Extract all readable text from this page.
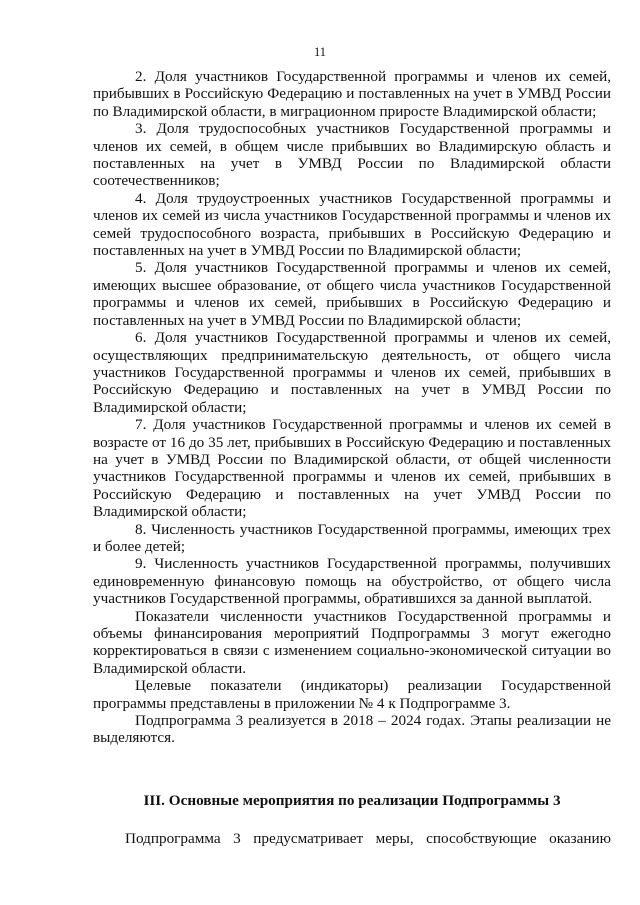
11

2. Доля участников Государственной программы и членов их семей, прибывших в Российскую Федерацию и поставленных на учет в УМВД России по Владимирской области, в миграционном приросте Владимирской области;

3. Доля трудоспособных участников Государственной программы и членов их семей, в общем числе прибывших во Владимирскую область и поставленных на учет в УМВД России по Владимирской области соотечественников;

4. Доля трудоустроенных участников Государственной программы и членов их семей из числа участников Государственной программы и членов их семей трудоспособного возраста, прибывших в Российскую Федерацию и поставленных на учет в УМВД России по Владимирской области;

5. Доля участников Государственной программы и членов их семей, имеющих высшее образование, от общего числа участников Государственной программы и членов их семей, прибывших в Российскую Федерацию и поставленных на учет в УМВД России по Владимирской области;

6. Доля участников Государственной программы и членов их семей, осуществляющих предпринимательскую деятельность, от общего числа участников Государственной программы и членов их семей, прибывших в Российскую Федерацию и поставленных на учет в УМВД России по Владимирской области;

7. Доля участников Государственной программы и членов их семей в возрасте от 16 до 35 лет, прибывших в Российскую Федерацию и поставленных на учет в УМВД России по Владимирской области, от общей численности участников Государственной программы и членов их семей, прибывших в Российскую Федерацию и поставленных на учет УМВД России по Владимирской области;

8. Численность участников Государственной программы, имеющих трех и более детей;

9. Численность участников Государственной программы, получивших единовременную финансовую помощь на обустройство, от общего числа участников Государственной программы, обратившихся за данной выплатой.

Показатели численности участников Государственной программы и объемы финансирования мероприятий Подпрограммы 3 могут ежегодно корректироваться в связи с изменением социально-экономической ситуации во Владимирской области.

Целевые показатели (индикаторы) реализации Государственной программы представлены в приложении № 4 к Подпрограмме 3.

Подпрограмма 3 реализуется в 2018 – 2024 годах. Этапы реализации не выделяются.

III. Основные мероприятия по реализации Подпрограммы 3

Подпрограмма 3 предусматривает меры, способствующие оказанию
